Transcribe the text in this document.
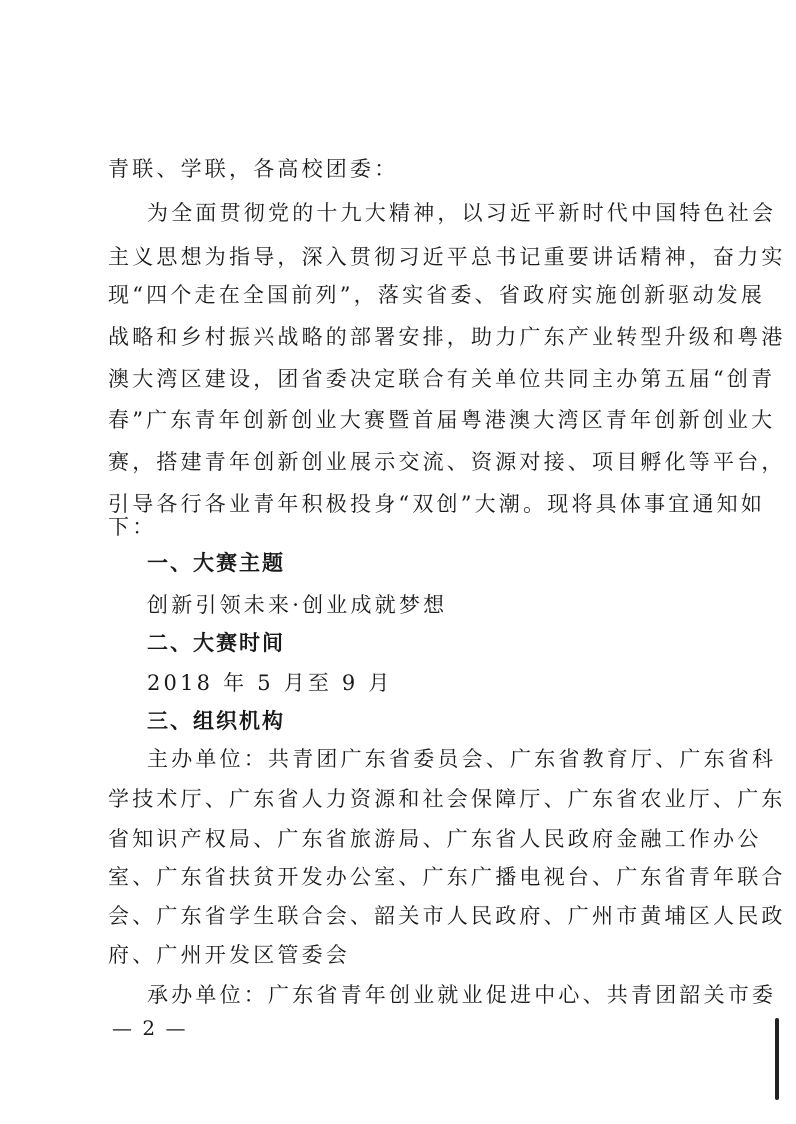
青联、学联，各高校团委：
为全面贯彻党的十九大精神，以习近平新时代中国特色社会
主义思想为指导，深入贯彻习近平总书记重要讲话精神，奋力实
现“四个走在全国前列”，落实省委、省政府实施创新驱动发展
战略和乡村振兴战略的部署安排，助力广东产业转型升级和粤港
澳大湾区建设，团省委决定联合有关单位共同主办第五届“创青
春”广东青年创新创业大赛暨首届粤港澳大湾区青年创新创业大
赛，搭建青年创新创业展示交流、资源对接、项目孵化等平台，
引导各行各业青年积极投身“双创”大潮。现将具体事宜通知如
下：
一、大赛主题
创新引领未来·创业成就梦想
二、大赛时间
2018 年 5 月至 9 月
三、组织机构
主办单位：共青团广东省委员会、广东省教育厅、广东省科
学技术厅、广东省人力资源和社会保障厅、广东省农业厅、广东
省知识产权局、广东省旅游局、广东省人民政府金融工作办公
室、广东省扶贫开发办公室、广东广播电视台、广东省青年联合
会、广东省学生联合会、韶关市人民政府、广州市黄埔区人民政
府、广州开发区管委会
承办单位：广东省青年创业就业促进中心、共青团韶关市委
— 2 —
